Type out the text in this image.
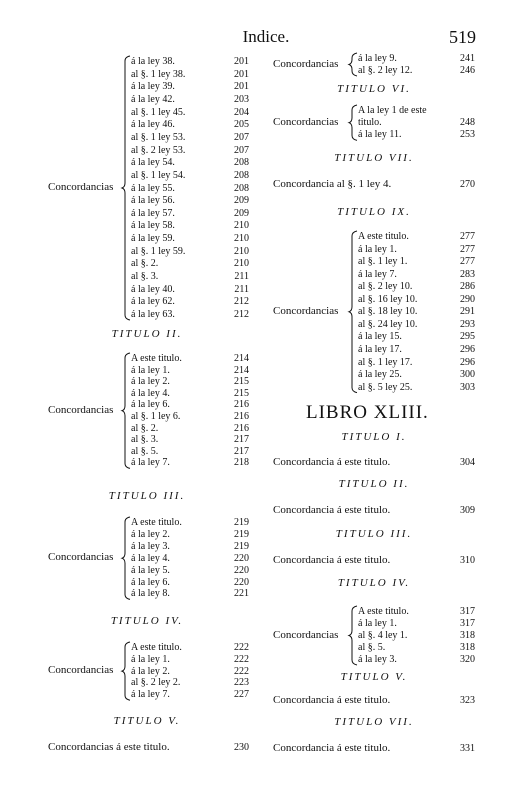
Indice.	519
á la ley 38.	201
al §. 1 ley 38.	201
á la ley 39.	201
á la ley 42.	203
al §. 1 ley 45.	204
á la ley 46.	205
al §. 1 ley 53.	207
al §. 2 ley 53.	207
á la ley 54.	208
al §. 1 ley 54.	208
á la ley 55.	208
á la ley 56.	209
á la ley 57.	209
á la ley 58.	210
á la ley 59.	210
al §. 1 ley 59.	210
al §. 2.	210
al §. 3.	211
á la ley 40.	211
á la ley 62.	212
á la ley 63.	212
Concordancias
TITULO II.
A este titulo.	214
á la ley 1.	214
á la ley 2.	215
á la ley 4.	215
á la ley 6.	216
al §. 1 ley 6.	216
al §. 2.	216
al §. 3.	217
al §. 5.	217
á la ley 7.	218
Concordancias
TITULO III.
A este titulo.	219
á la ley 2.	219
á la ley 3.	219
á la ley 4.	220
á la ley 5.	220
á la ley 6.	220
á la ley 8.	221
Concordancias
TITULO IV.
A este titulo.	222
á la ley 1.	222
á la ley 2.	222
al §. 2 ley 2.	223
á la ley 7.	227
Concordancias
TITULO V.
Concordancias á este titulo.	230
á la ley 9.	241
al §. 2 ley 12.	246
Concordancias
TITULO VI.
A la ley 1 de este
titulo.	248
á la ley 11.	253
Concordancias
TITULO VII.
Concordancia al §. 1 ley 4.	270
TITULO IX.
A este titulo.	277
á la ley 1.	277
al §. 1 ley 1.	277
á la ley 7.	283
al §. 2 ley 10.	286
al §. 16 ley 10.	290
al §. 18 ley 10.	291
al §. 24 ley 10.	293
á la ley 15.	295
á la ley 17.	296
al §. 1 ley 17.	296
á la ley 25.	300
al §. 5 ley 25.	303
Concordancias
LIBRO XLIII.
TITULO I.
Concordancia á este titulo.	304
TITULO II.
Concordancia á este titulo.	309
TITULO III.
Concordancia á este titulo.	310
TITULO IV.
A este titulo.	317
á la ley 1.	317
al §. 4 ley 1.	318
al §. 5.	318
á la ley 3.	320
Concordancias
TITULO V.
Concordancia á este titulo.	323
TITULO VII.
Concordancia á este titulo.	331
